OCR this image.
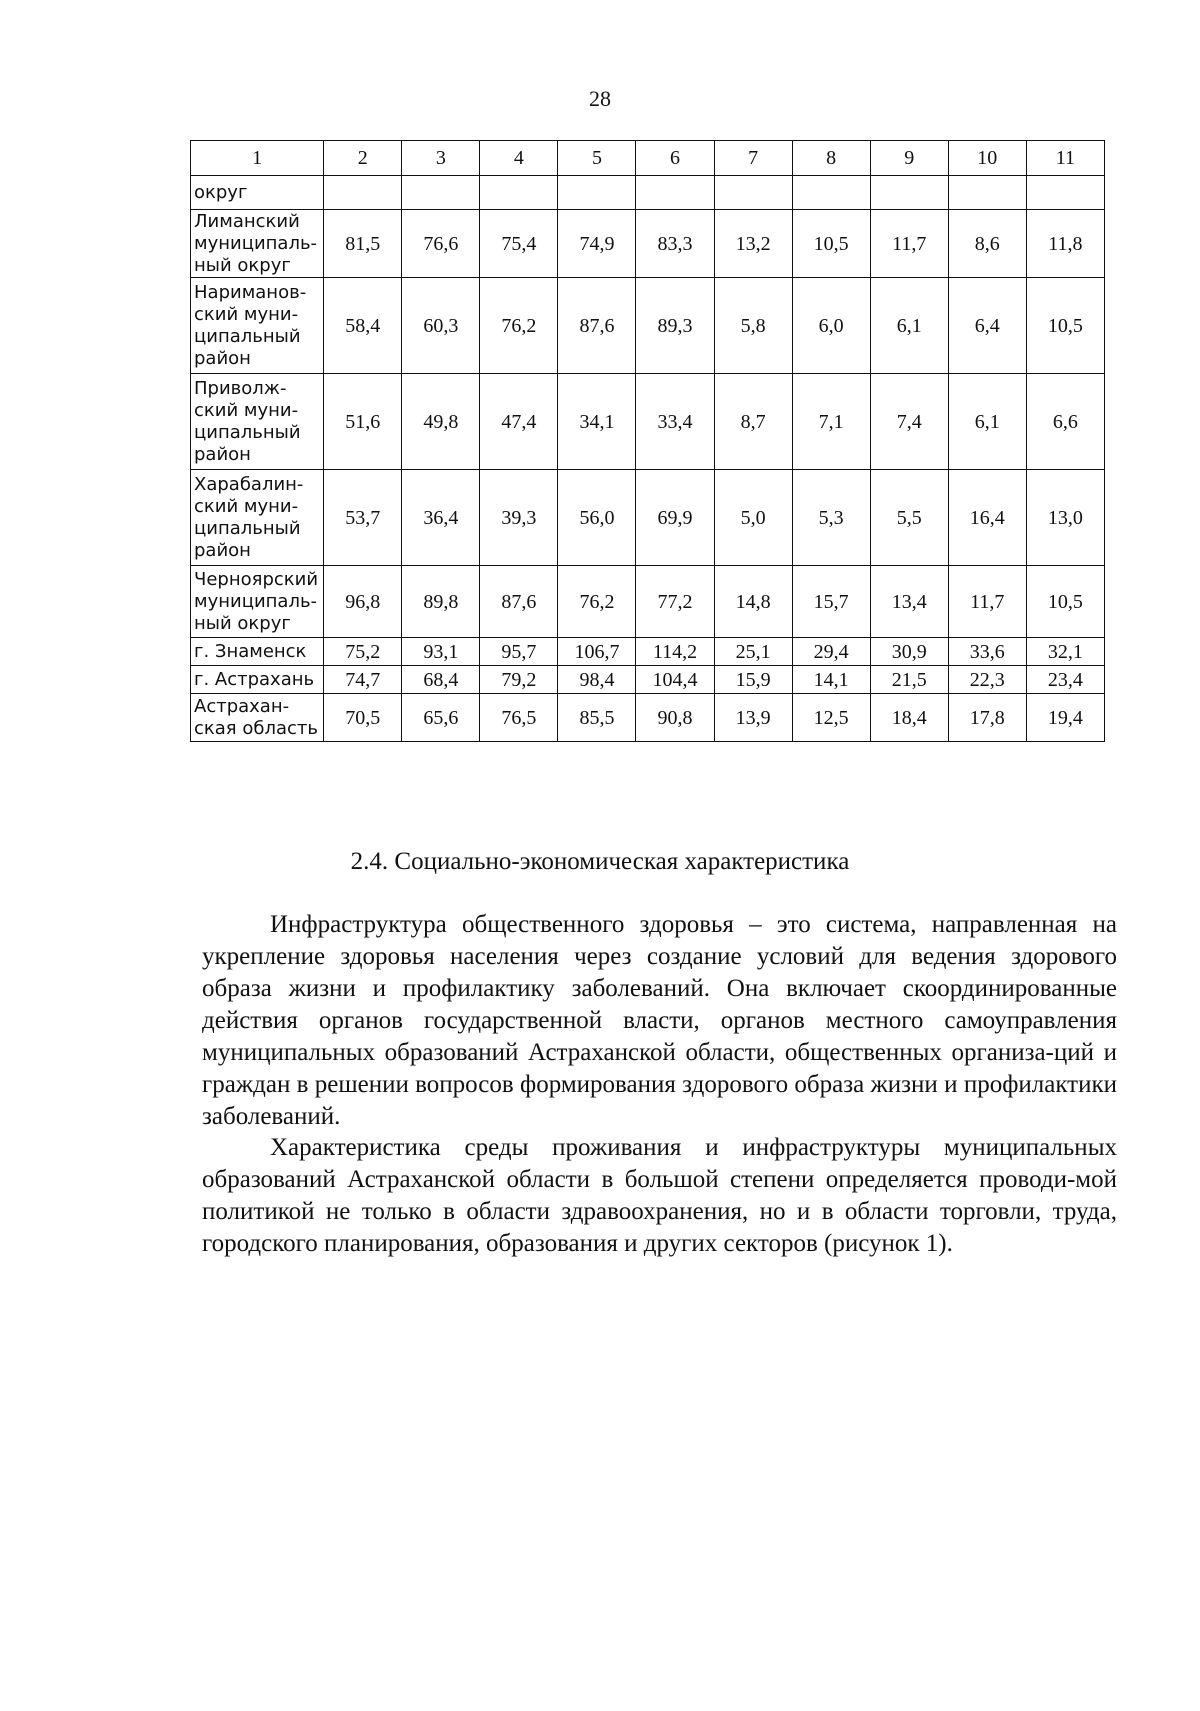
28
1	2	3	4	5	6	7	8	9	10	11
округ										
Лиманский муниципаль-ный округ	81,5	76,6	75,4	74,9	83,3	13,2	10,5	11,7	8,6	11,8
Нариманов-ский муни-ципальный район	58,4	60,3	76,2	87,6	89,3	5,8	6,0	6,1	6,4	10,5
Приволж-ский муни-ципальный район	51,6	49,8	47,4	34,1	33,4	8,7	7,1	7,4	6,1	6,6
Харабалин-ский муни-ципальный район	53,7	36,4	39,3	56,0	69,9	5,0	5,3	5,5	16,4	13,0
Черноярский муниципаль-ный округ	96,8	89,8	87,6	76,2	77,2	14,8	15,7	13,4	11,7	10,5
г. Знаменск	75,2	93,1	95,7	106,7	114,2	25,1	29,4	30,9	33,6	32,1
г. Астрахань	74,7	68,4	79,2	98,4	104,4	15,9	14,1	21,5	22,3	23,4
Астрахан-ская область	70,5	65,6	76,5	85,5	90,8	13,9	12,5	18,4	17,8	19,4
2.4. Социально-экономическая характеристика

Инфраструктура общественного здоровья – это система, направленная на укрепление здоровья населения через создание условий для ведения здорового образа жизни и профилактику заболеваний. Она включает скоординированные действия органов государственной власти, органов местного самоуправления муниципальных образований Астраханской области, общественных организа-ций и граждан в решении вопросов формирования здорового образа жизни и профилактики заболеваний.

Характеристика среды проживания и инфраструктуры муниципальных образований Астраханской области в большой степени определяется проводи-мой политикой не только в области здравоохранения, но и в области торговли, труда, городского планирования, образования и других секторов (рисунок 1).
